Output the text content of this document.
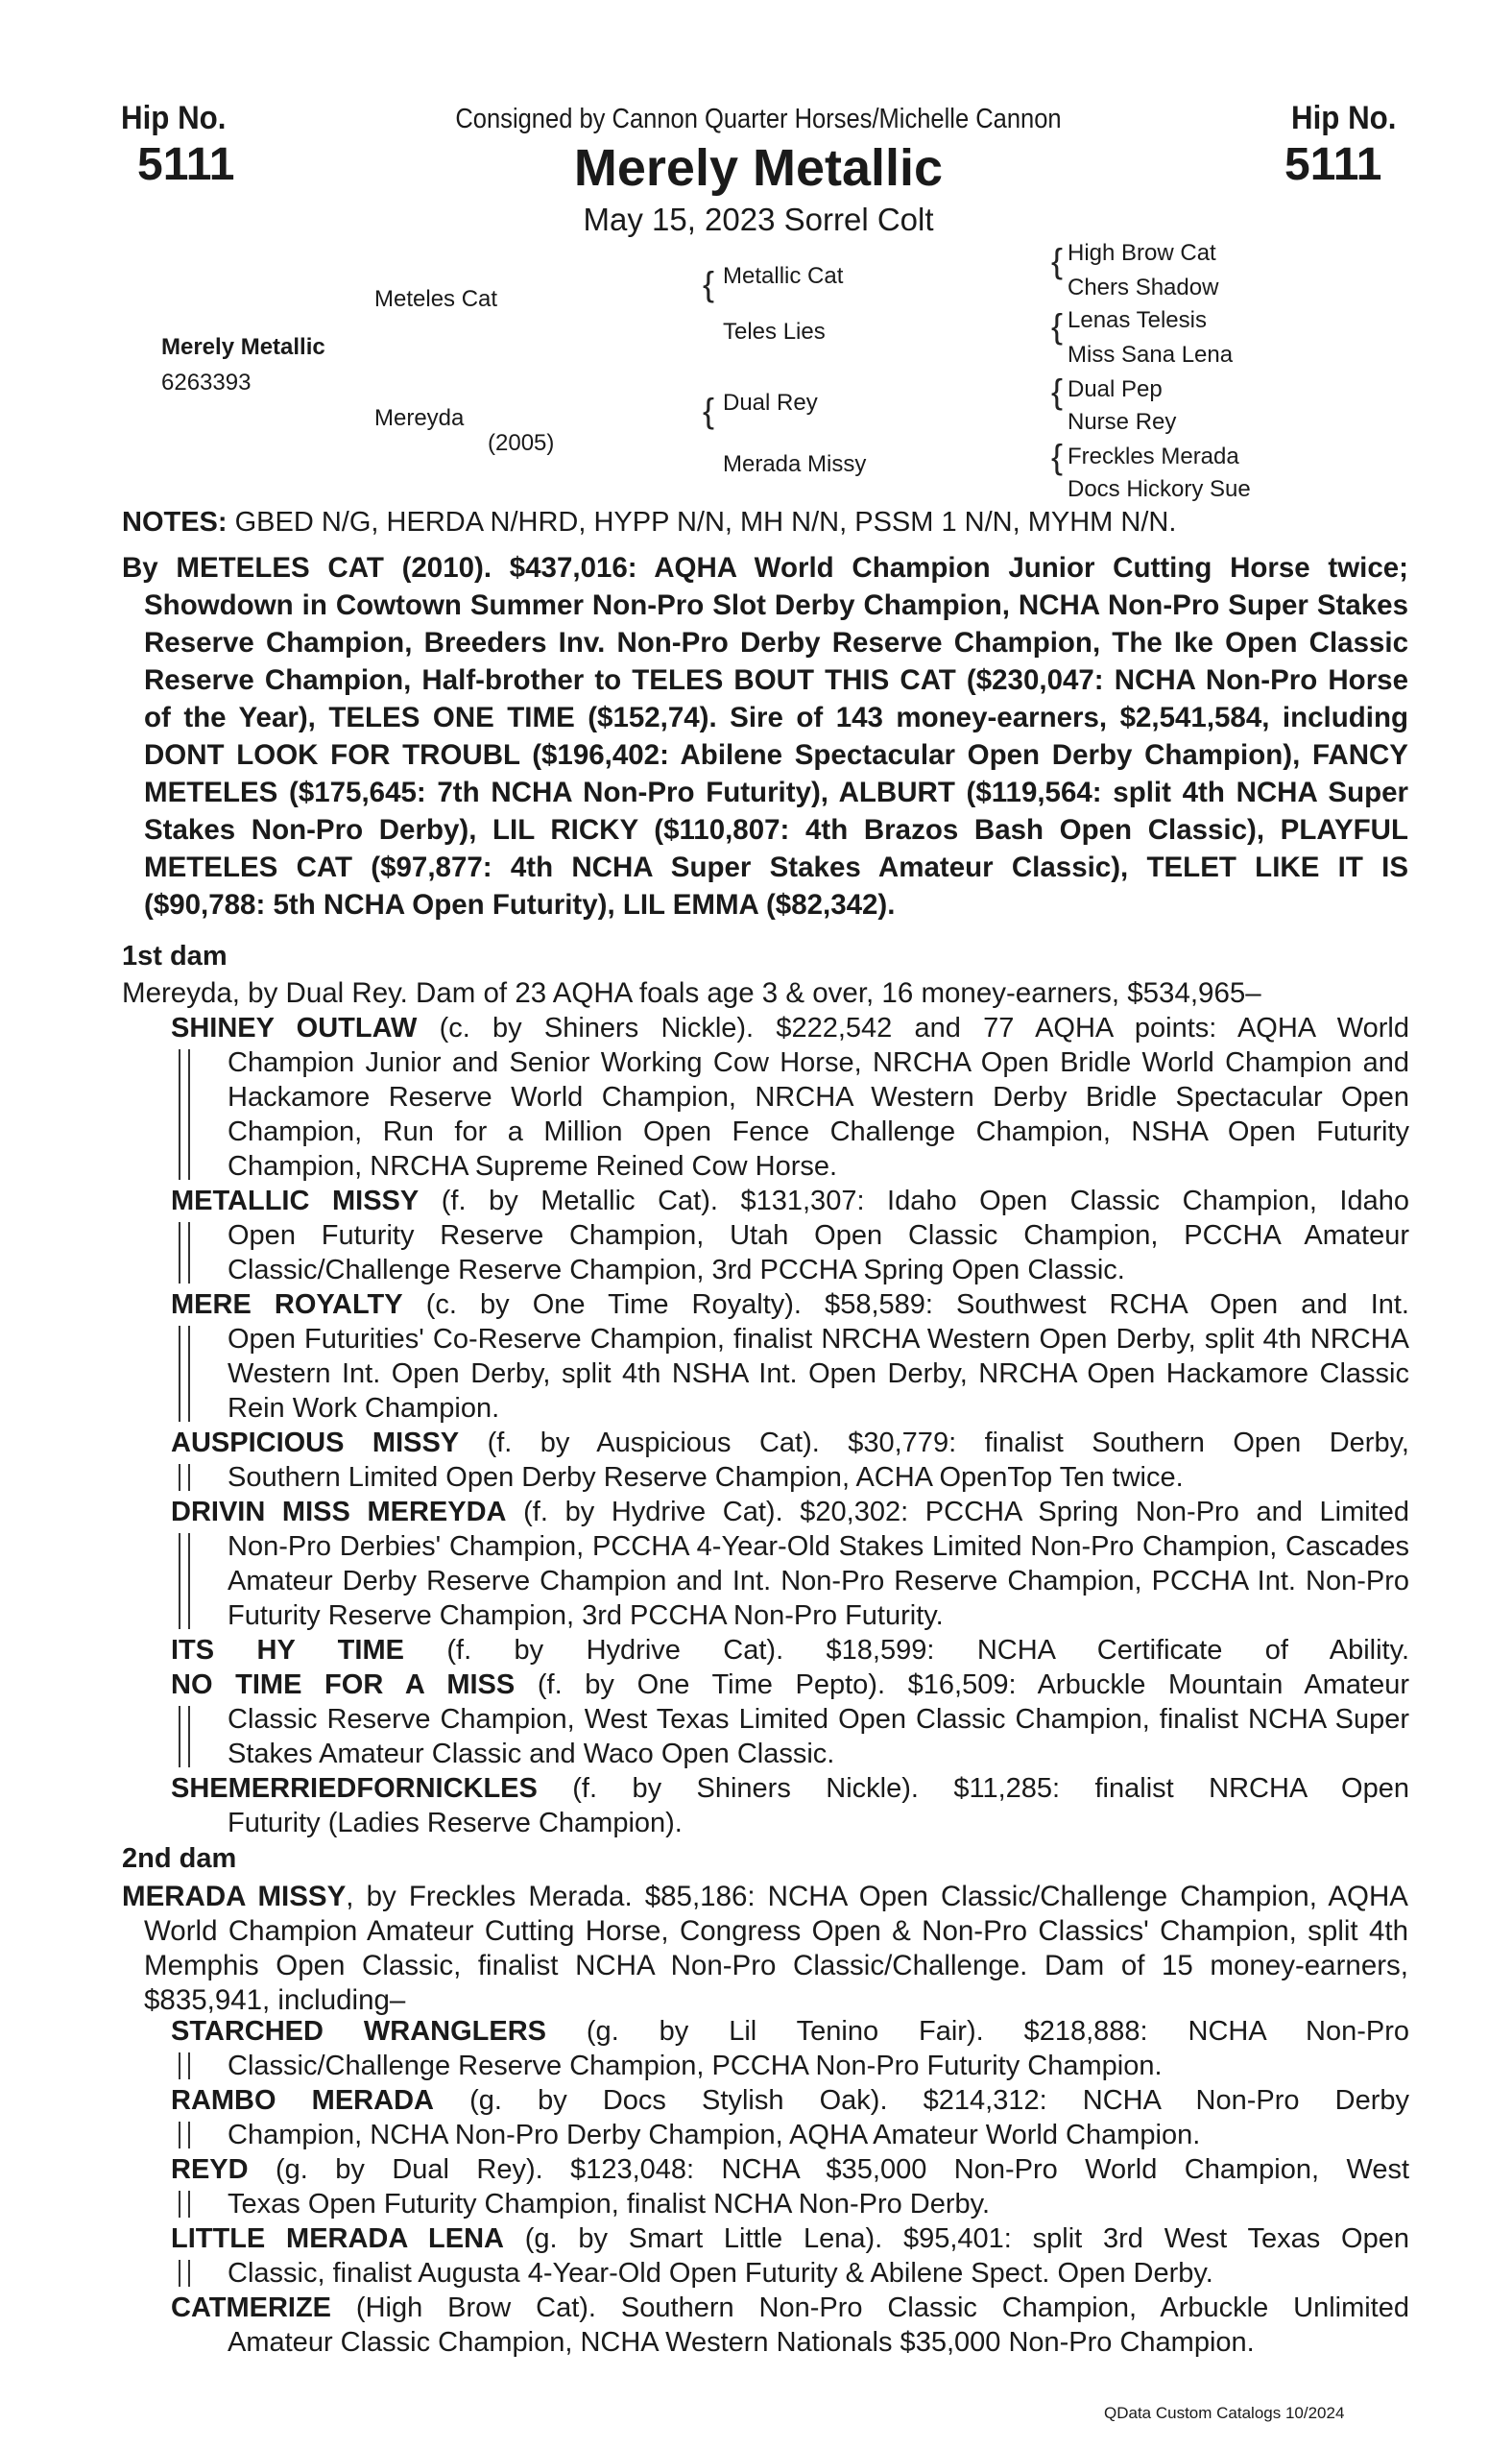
Hip No.
5111
Hip No.
5111
Consigned by Cannon Quarter Horses/Michelle Cannon
Merely Metallic
May 15, 2023 Sorrel Colt
Merely Metallic
6263393
Meteles Cat
Mereyda
(2005)
{
{
Metallic Cat
Teles Lies
Dual Rey
Merada Missy
{
{
{
{
High Brow Cat
Chers Shadow
Lenas Telesis
Miss Sana Lena
Dual Pep
Nurse Rey
Freckles Merada
Docs Hickory Sue
NOTES: GBED N/G, HERDA N/HRD, HYPP N/N, MH N/N, PSSM 1 N/N, MYHM N/N.
By METELES CAT (2010). $437,016: AQHA World Champion Junior Cutting Horse twice; Showdown in Cowtown Summer Non-Pro Slot Derby Champion, NCHA Non-Pro Super Stakes Reserve Champion, Breeders Inv. Non-Pro Derby Reserve Champion, The Ike Open Classic Reserve Champion, Half-brother to TELES BOUT THIS CAT ($230,047: NCHA Non-Pro Horse of the Year), TELES ONE TIME ($152,74). Sire of 143 money-earners, $2,541,584, including DONT LOOK FOR TROUBL ($196,402: Abilene Spectacular Open Derby Champion), FANCY METELES ($175,645: 7th NCHA Non-Pro Futurity), ALBURT ($119,564: split 4th NCHA Super Stakes Non-Pro Derby), LIL RICKY ($110,807: 4th Brazos Bash Open Classic), PLAYFUL METELES CAT ($97,877: 4th NCHA Super Stakes Amateur Classic), TELET LIKE IT IS ($90,788: 5th NCHA Open Futurity), LIL EMMA ($82,342).
1st dam
Mereyda, by Dual Rey. Dam of 23 AQHA foals age 3 & over, 16 money-earners, $534,965–
SHINEY OUTLAW (c. by Shiners Nickle). $222,542 and 77 AQHA points: AQHA World
Champion Junior and Senior Working Cow Horse, NRCHA Open Bridle World Champion and Hackamore Reserve World Champion, NRCHA Western Derby Bridle Spectacular Open Champion, Run for a Million Open Fence Challenge Champion, NSHA Open Futurity Champion, NRCHA Supreme Reined Cow Horse.
METALLIC MISSY (f. by Metallic Cat). $131,307: Idaho Open Classic Champion, Idaho
Open Futurity Reserve Champion, Utah Open Classic Champion, PCCHA Amateur Classic/Challenge Reserve Champion, 3rd PCCHA Spring Open Classic.
MERE ROYALTY (c. by One Time Royalty). $58,589: Southwest RCHA Open and Int.
Open Futurities' Co-Reserve Champion, finalist NRCHA Western Open Derby, split 4th NRCHA Western Int. Open Derby, split 4th NSHA Int. Open Derby, NRCHA Open Hackamore Classic Rein Work Champion.
AUSPICIOUS MISSY (f. by Auspicious Cat). $30,779: finalist Southern Open Derby,
Southern Limited Open Derby Reserve Champion, ACHA OpenTop Ten twice.
DRIVIN MISS MEREYDA (f. by Hydrive Cat). $20,302: PCCHA Spring Non-Pro and Limited
Non-Pro Derbies' Champion, PCCHA 4-Year-Old Stakes Limited Non-Pro Champion, Cascades Amateur Derby Reserve Champion and Int. Non-Pro Reserve Champion, PCCHA Int. Non-Pro Futurity Reserve Champion, 3rd PCCHA Non-Pro Futurity.
ITS HY TIME (f. by Hydrive Cat). $18,599: NCHA Certificate of Ability.
NO TIME FOR A MISS (f. by One Time Pepto). $16,509: Arbuckle Mountain Amateur
Classic Reserve Champion, West Texas Limited Open Classic Champion, finalist NCHA Super Stakes Amateur Classic and Waco Open Classic.
SHEMERRIEDFORNICKLES (f. by Shiners Nickle). $11,285: finalist NRCHA Open
Futurity (Ladies Reserve Champion).
2nd dam
MERADA MISSY, by Freckles Merada. $85,186: NCHA Open Classic/Challenge Champion, AQHA World Champion Amateur Cutting Horse, Congress Open & Non-Pro Classics' Champion, split 4th Memphis Open Classic, finalist NCHA Non-Pro Classic/Challenge. Dam of 15 money-earners, $835,941, including–
STARCHED WRANGLERS (g. by Lil Tenino Fair). $218,888: NCHA Non-Pro
Classic/Challenge Reserve Champion, PCCHA Non-Pro Futurity Champion.
RAMBO MERADA (g. by Docs Stylish Oak). $214,312: NCHA Non-Pro Derby
Champion, NCHA Non-Pro Derby Champion, AQHA Amateur World Champion.
REYD (g. by Dual Rey). $123,048: NCHA $35,000 Non-Pro World Champion, West
Texas Open Futurity Champion, finalist NCHA Non-Pro Derby.
LITTLE MERADA LENA (g. by Smart Little Lena). $95,401: split 3rd West Texas Open
Classic, finalist Augusta 4-Year-Old Open Futurity & Abilene Spect. Open Derby.
CATMERIZE (High Brow Cat). Southern Non-Pro Classic Champion, Arbuckle Unlimited
Amateur Classic Champion, NCHA Western Nationals $35,000 Non-Pro Champion.
QData Custom Catalogs 10/2024
